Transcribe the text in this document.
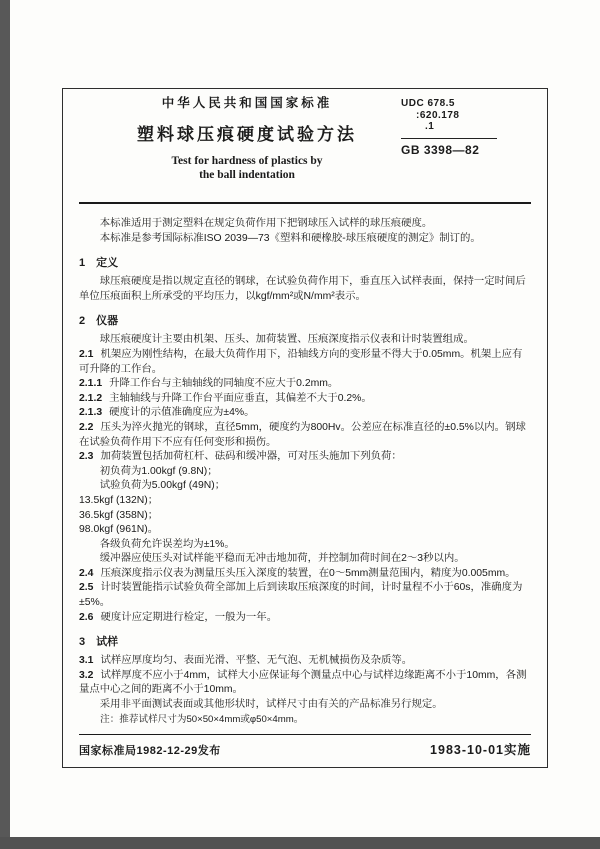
中华人民共和国国家标准
塑料球压痕硬度试验方法
Test for hardness of plastics by
the ball indentation
UDC 678.5
:620.178
.1
GB 3398—82

本标准适用于测定塑料在规定负荷作用下把钢球压入试样的球压痕硬度。

本标准是参考国际标准ISO 2039—73《塑料和硬橡胶-球压痕硬度的测定》制订的。

1 定义

球压痕硬度是指以规定直径的钢球，在试验负荷作用下，垂直压入试样表面，保持一定时间后单位压痕面积上所承受的平均压力，以kgf/mm²或N/mm²表示。

2 仪器

球压痕硬度计主要由机架、压头、加荷装置、压痕深度指示仪表和计时装置组成。

2.1 机架应为刚性结构，在最大负荷作用下，沿轴线方向的变形量不得大于0.05mm。机架上应有可升降的工作台。

2.1.1 升降工作台与主轴轴线的同轴度不应大于0.2mm。

2.1.2 主轴轴线与升降工作台平面应垂直，其偏差不大于0.2%。

2.1.3 硬度计的示值准确度应为±4%。

2.2 压头为淬火抛光的钢球，直径5mm，硬度约为800Hv。公差应在标准直径的±0.5%以内。钢球在试验负荷作用下不应有任何变形和损伤。

2.3 加荷装置包括加荷杠杆、砝码和缓冲器，可对压头施加下列负荷：

初负荷为1.00kgf (9.8N)；

试验负荷为5.00kgf (49N)；

13.5kgf (132N)；

36.5kgf (358N)；

98.0kgf (961N)。

各级负荷允许误差均为±1%。

缓冲器应使压头对试样能平稳而无冲击地加荷，并控制加荷时间在2～3秒以内。

2.4 压痕深度指示仪表为测量压头压入深度的装置，在0～5mm测量范围内，精度为0.005mm。

2.5 计时装置能指示试验负荷全部加上后到读取压痕深度的时间，计时量程不小于60s，准确度为±5%。

2.6 硬度计应定期进行检定，一般为一年。

3 试样

3.1 试样应厚度均匀、表面光滑、平整、无气泡、无机械损伤及杂质等。

3.2 试样厚度不应小于4mm，试样大小应保证每个测量点中心与试样边缘距离不小于10mm，各测量点中心之间的距离不小于10mm。

采用非平面测试表面或其他形状时，试样尺寸由有关的产品标准另行规定。

注：推荐试样尺寸为50×50×4mm或φ50×4mm。

国家标准局1982-12-29发布	1983-10-01实施
